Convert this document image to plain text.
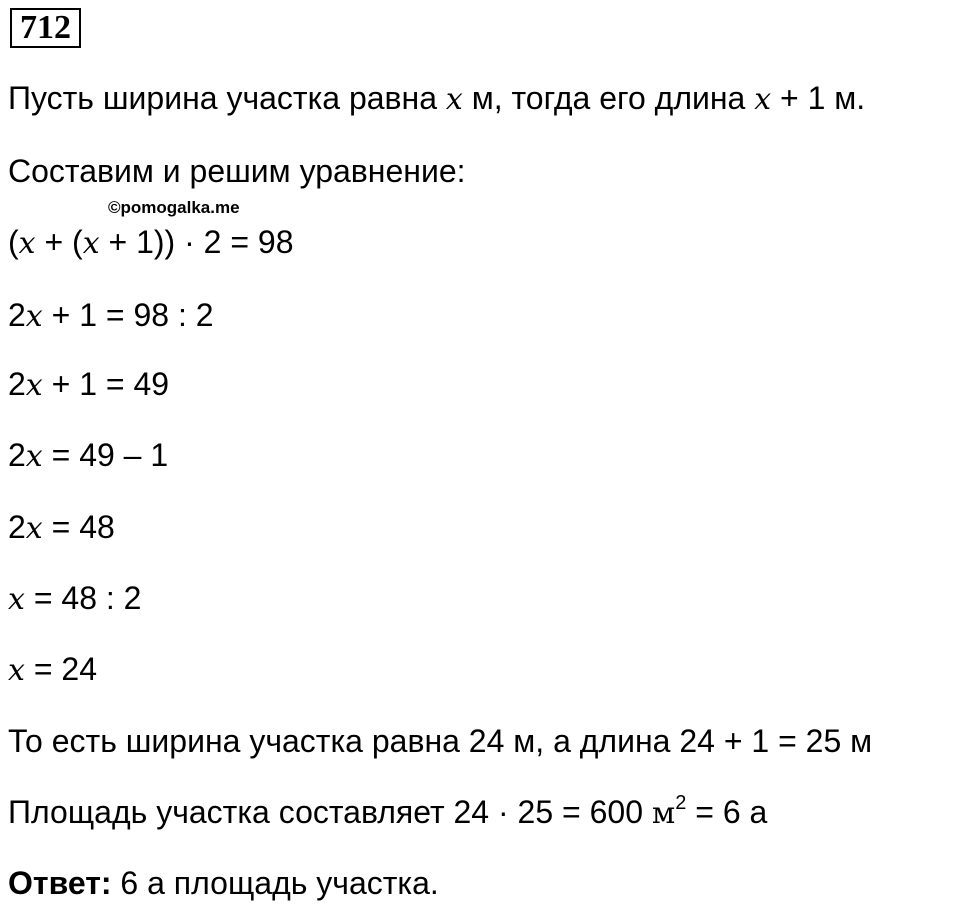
712
Пусть ширина участка равна x м, тогда его длина x + 1 м.
Составим и решим уравнение:
©pomogalka.me
(x + (x + 1)) · 2 = 98
2x + 1 = 98 : 2
2x + 1 = 49
2x = 49 – 1
2x = 48
x = 48 : 2
x = 24
То есть ширина участка равна 24 м, а длина 24 + 1 = 25 м
Площадь участка составляет 24 · 25 = 600 $м^2 = 6$ а
Ответ: 6 а площадь участка.
